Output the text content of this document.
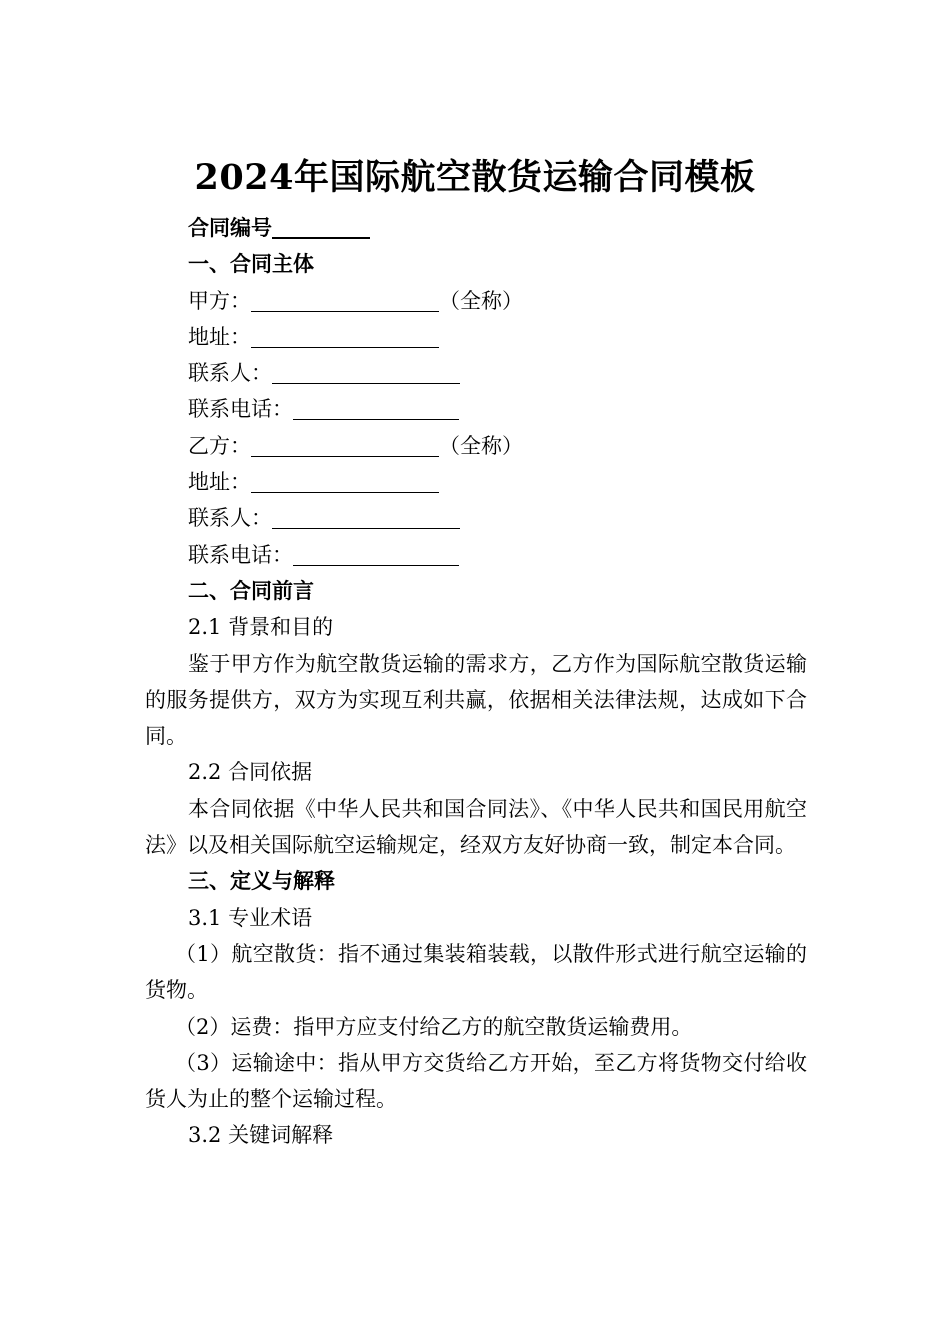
2024年国际航空散货运输合同模板
合同编号
一、合同主体
甲方：	（全称）
地址：
联系人：
联系电话：
乙方：	（全称）
地址：
联系人：
联系电话：
二、合同前言
2.1 背景和目的
鉴于甲方作为航空散货运输的需求方，乙方作为国际航空散货运输的服务提供方，双方为实现互利共赢，依据相关法律法规，达成如下合同。
2.2 合同依据
本合同依据《中华人民共和国合同法》、《中华人民共和国民用航空法》以及相关国际航空运输规定，经双方友好协商一致，制定本合同。
三、定义与解释
3.1 专业术语
（1）航空散货：指不通过集装箱装载，以散件形式进行航空运输的货物。
（2）运费：指甲方应支付给乙方的航空散货运输费用。
（3）运输途中：指从甲方交货给乙方开始，至乙方将货物交付给收货人为止的整个运输过程。
3.2 关键词解释
